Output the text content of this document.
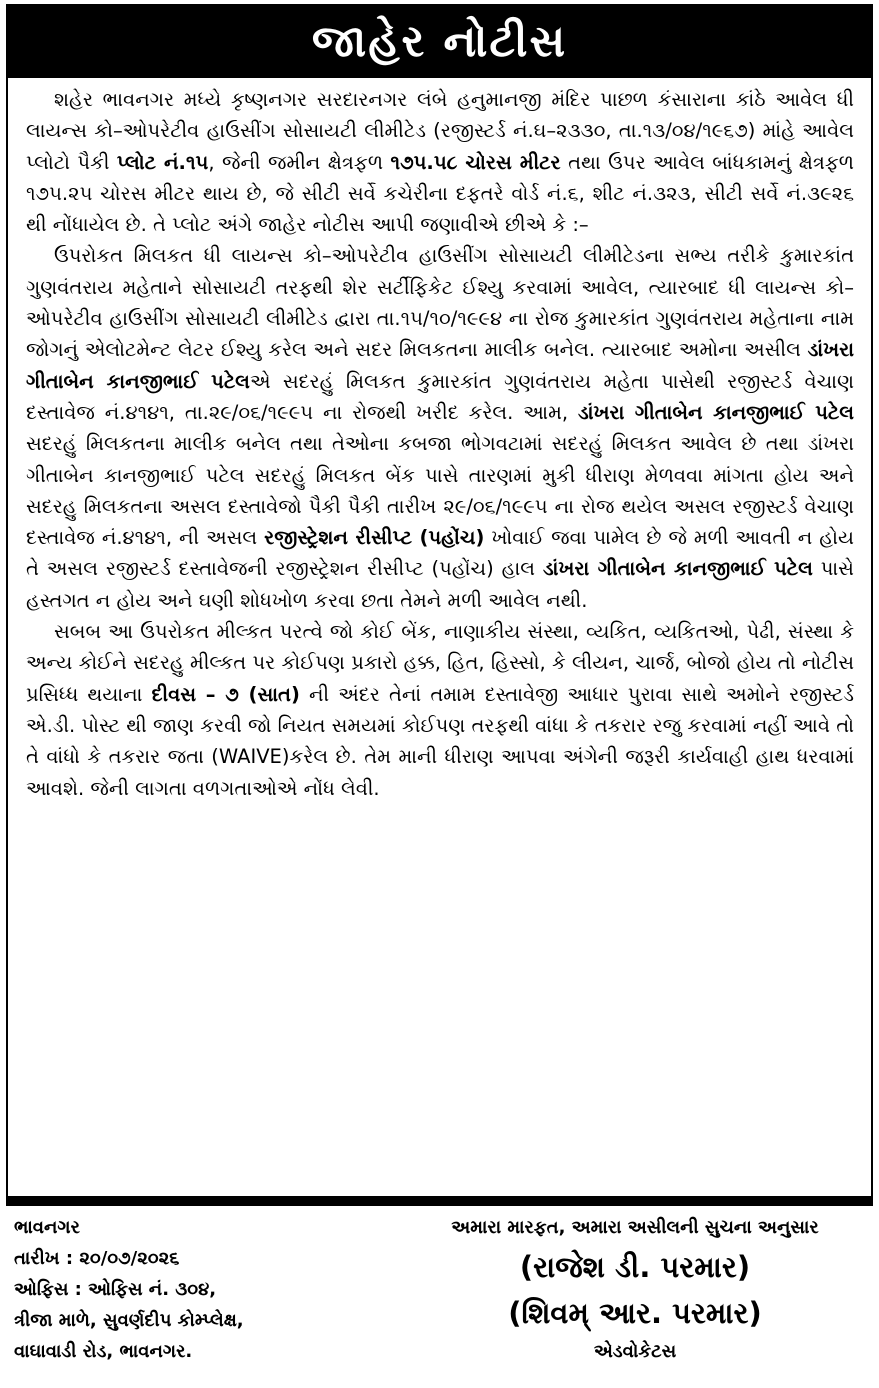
જાહેર નોટીસ

શહેર ભાવનગર મધ્યે કૃષ્ણનગર સરદારનગર લંબે હનુમાનજી મંદિર પાછળ કંસારાના કાંઠે આવેલ ધી લાયન્સ કો–ઓપરેટીવ હાઉસીંગ સોસાયટી લીમીટેડ (રજીસ્ટર્ડ નં.ઘ–૨૩૩૦, તા.૧૩/૦૪/૧૯૬૭) માંહે આવેલ પ્લોટો પૈકી પ્લોટ નં.૧૫, જેની જમીન ક્ષેત્રફળ ૧૭૫.૫૮ ચોરસ મીટર તથા ઉપર આવેલ બાંધકામનું ક્ષેત્રફળ ૧૭૫.૨૫ ચોરસ મીટર થાય છે, જે સીટી સર્વે કચેરીના દફતરે વોર્ડ નં.૬, શીટ નં.૩૨૩, સીટી સર્વે નં.૩૯૨૬ થી નોંધાયેલ છે. તે પ્લોટ અંગે જાહેર નોટીસ આપી જણાવીએ છીએ કે :–

ઉપરોકત મિલકત ધી લાયન્સ કો–ઓપરેટીવ હાઉસીંગ સોસાયટી લીમીટેડના સભ્ય તરીકે કુમારકાંત ગુણવંતરાય મહેતાને સોસાયટી તરફથી શેર સર્ટીફિકેટ ઈશ્યુ કરવામાં આવેલ, ત્યારબાદ ધી લાયન્સ કો–ઓપરેટીવ હાઉસીંગ સોસાયટી લીમીટેડ દ્વારા તા.૧૫/૧૦/૧૯૯૪ ના રોજ કુમારકાંત ગુણવંતરાય મહેતાના નામ જોગનું એલોટમેન્ટ લેટર ઈશ્યુ કરેલ અને સદર મિલકતના માલીક બનેલ. ત્યારબાદ અમોના અસીલ ડાંખરા ગીતાબેન કાનજીભાઈ પટેલએ સદરહું મિલકત કુમારકાંત ગુણવંતરાય મહેતા પાસેથી રજીસ્ટર્ડ વેચાણ દસ્તાવેજ નં.૪૧૪૧, તા.૨૯/૦૬/૧૯૯૫ ના રોજથી ખરીદ કરેલ. આમ, ડાંખરા ગીતાબેન કાનજીભાઈ પટેલ સદરહું મિલકતના માલીક બનેલ તથા તેઓના કબજા ભોગવટામાં સદરહું મિલકત આવેલ છે તથા ડાંખરા ગીતાબેન કાનજીભાઈ પટેલ સદરહું મિલકત બેંક પાસે તારણમાં મુકી ધીરાણ મેળવવા માંગતા હોય અને સદરહુ મિલકતના અસલ દસ્તાવેજો પૈકી પૈકી તારીખ ૨૯/૦૬/૧૯૯૫ ના રોજ થયેલ અસલ રજીસ્ટર્ડ વેચાણ દસ્તાવેજ નં.૪૧૪૧, ની અસલ રજીસ્ટ્રેશન રીસીપ્ટ (પહોંચ) ખોવાઈ જવા પામેલ છે જે મળી આવતી ન હોય તે અસલ રજીસ્ટર્ડ દસ્તાવેજની રજીસ્ટ્રેશન રીસીપ્ટ (પહોંચ) હાલ ડાંખરા ગીતાબેન કાનજીભાઈ પટેલ પાસે હસ્તગત ન હોય અને ઘણી શોધખોળ કરવા છતા તેમને મળી આવેલ નથી.

સબબ આ ઉપરોકત મીલ્કત પરત્વે જો કોઈ બેંક, નાણાકીય સંસ્થા, વ્યકિત, વ્યકિતઓ, પેઢી, સંસ્થા કે અન્ય કોઈને સદરહુ મીલ્કત પર કોઈપણ પ્રકારો હક્ક, હિત, હિસ્સો, કે લીયન, ચાર્જ, બોજો હોય તો નોટીસ પ્રસિધ્ધ થયાના દીવસ – ૭ (સાત) ની અંદર તેનાં તમામ દસ્તાવેજી આધાર પુરાવા સાથે અમોને રજીસ્ટર્ડ એ.ડી. પોસ્ટ થી જાણ કરવી જો નિયત સમયમાં કોઈપણ તરફથી વાંધા કે તકરાર રજુ કરવામાં નહીં આવે તો તે વાંધો કે તકરાર જતા (WAIVE)કરેલ છે. તેમ માની ધીરાણ આપવા અંગેની જરૂરી કાર્યવાહી હાથ ધરવામાં આવશે. જેની લાગતા વળગતાઓએ નોંધ લેવી.

ભાવનગર
તારીખ : ૨૦/૦૭/૨૦૨૬
ઓફિસ : ઓફિસ નં. ૩૦૪,
ત્રીજા માળે, સુવર્ણદીપ કોમ્પ્લેક્ષ,
વાઘાવાડી રોડ, ભાવનગર.
અમારા મારફત, અમારા અસીલની સુચના અનુસાર
(રાજેશ ડી. પરમાર)
(શિવમ્ આર. પરમાર)
એડવોકેટસ
